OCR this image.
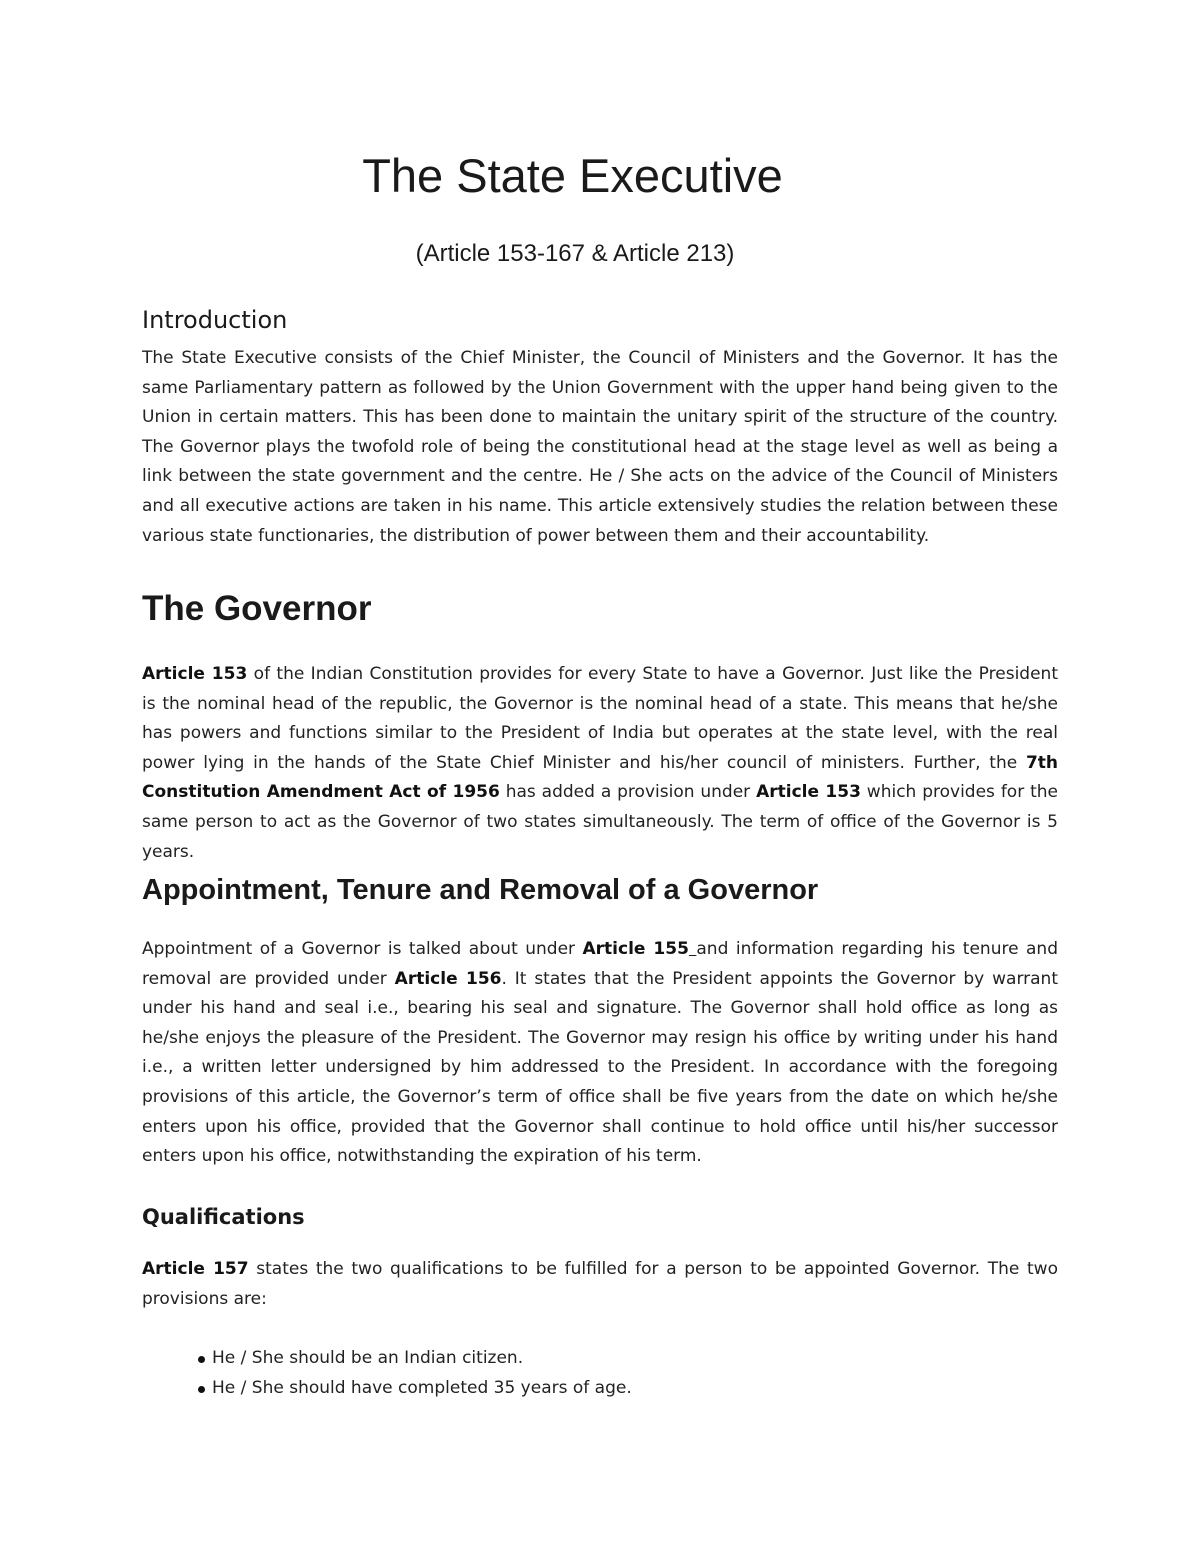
The State Executive
(Article 153-167 & Article 213)
Introduction

The State Executive consists of the Chief Minister, the Council of Ministers and the Governor. It has the same Parliamentary pattern as followed by the Union Government with the upper hand being given to the Union in certain matters. This has been done to maintain the unitary spirit of the structure of the country. The Governor plays the twofold role of being the constitutional head at the stage level as well as being a link between the state government and the centre. He / She acts on the advice of the Council of Ministers and all executive actions are taken in his name. This article extensively studies the relation between these various state functionaries, the distribution of power between them and their accountability.

The Governor

Article 153 of the Indian Constitution provides for every State to have a Governor. Just like the President is the nominal head of the republic, the Governor is the nominal head of a state. This means that he/she has powers and functions similar to the President of India but operates at the state level, with the real power lying in the hands of the State Chief Minister and his/her council of ministers. Further, the 7th Constitution Amendment Act of 1956 has added a provision under Article 153 which provides for the same person to act as the Governor of two states simultaneously. The term of office of the Governor is 5 years.

Appointment, Tenure and Removal of a Governor

Appointment of a Governor is talked about under Article 155 and information regarding his tenure and removal are provided under Article 156. It states that the President appoints the Governor by warrant under his hand and seal i.e., bearing his seal and signature. The Governor shall hold office as long as he/she enjoys the pleasure of the President. The Governor may resign his office by writing under his hand i.e., a written letter undersigned by him addressed to the President. In accordance with the foregoing provisions of this article, the Governor’s term of office shall be five years from the date on which he/she enters upon his office, provided that the Governor shall continue to hold office until his/her successor enters upon his office, notwithstanding the expiration of his term.

Qualifications

Article 157 states the two qualifications to be fulfilled for a person to be appointed Governor. The two provisions are:

He / She should be an Indian citizen.
He / She should have completed 35 years of age.
